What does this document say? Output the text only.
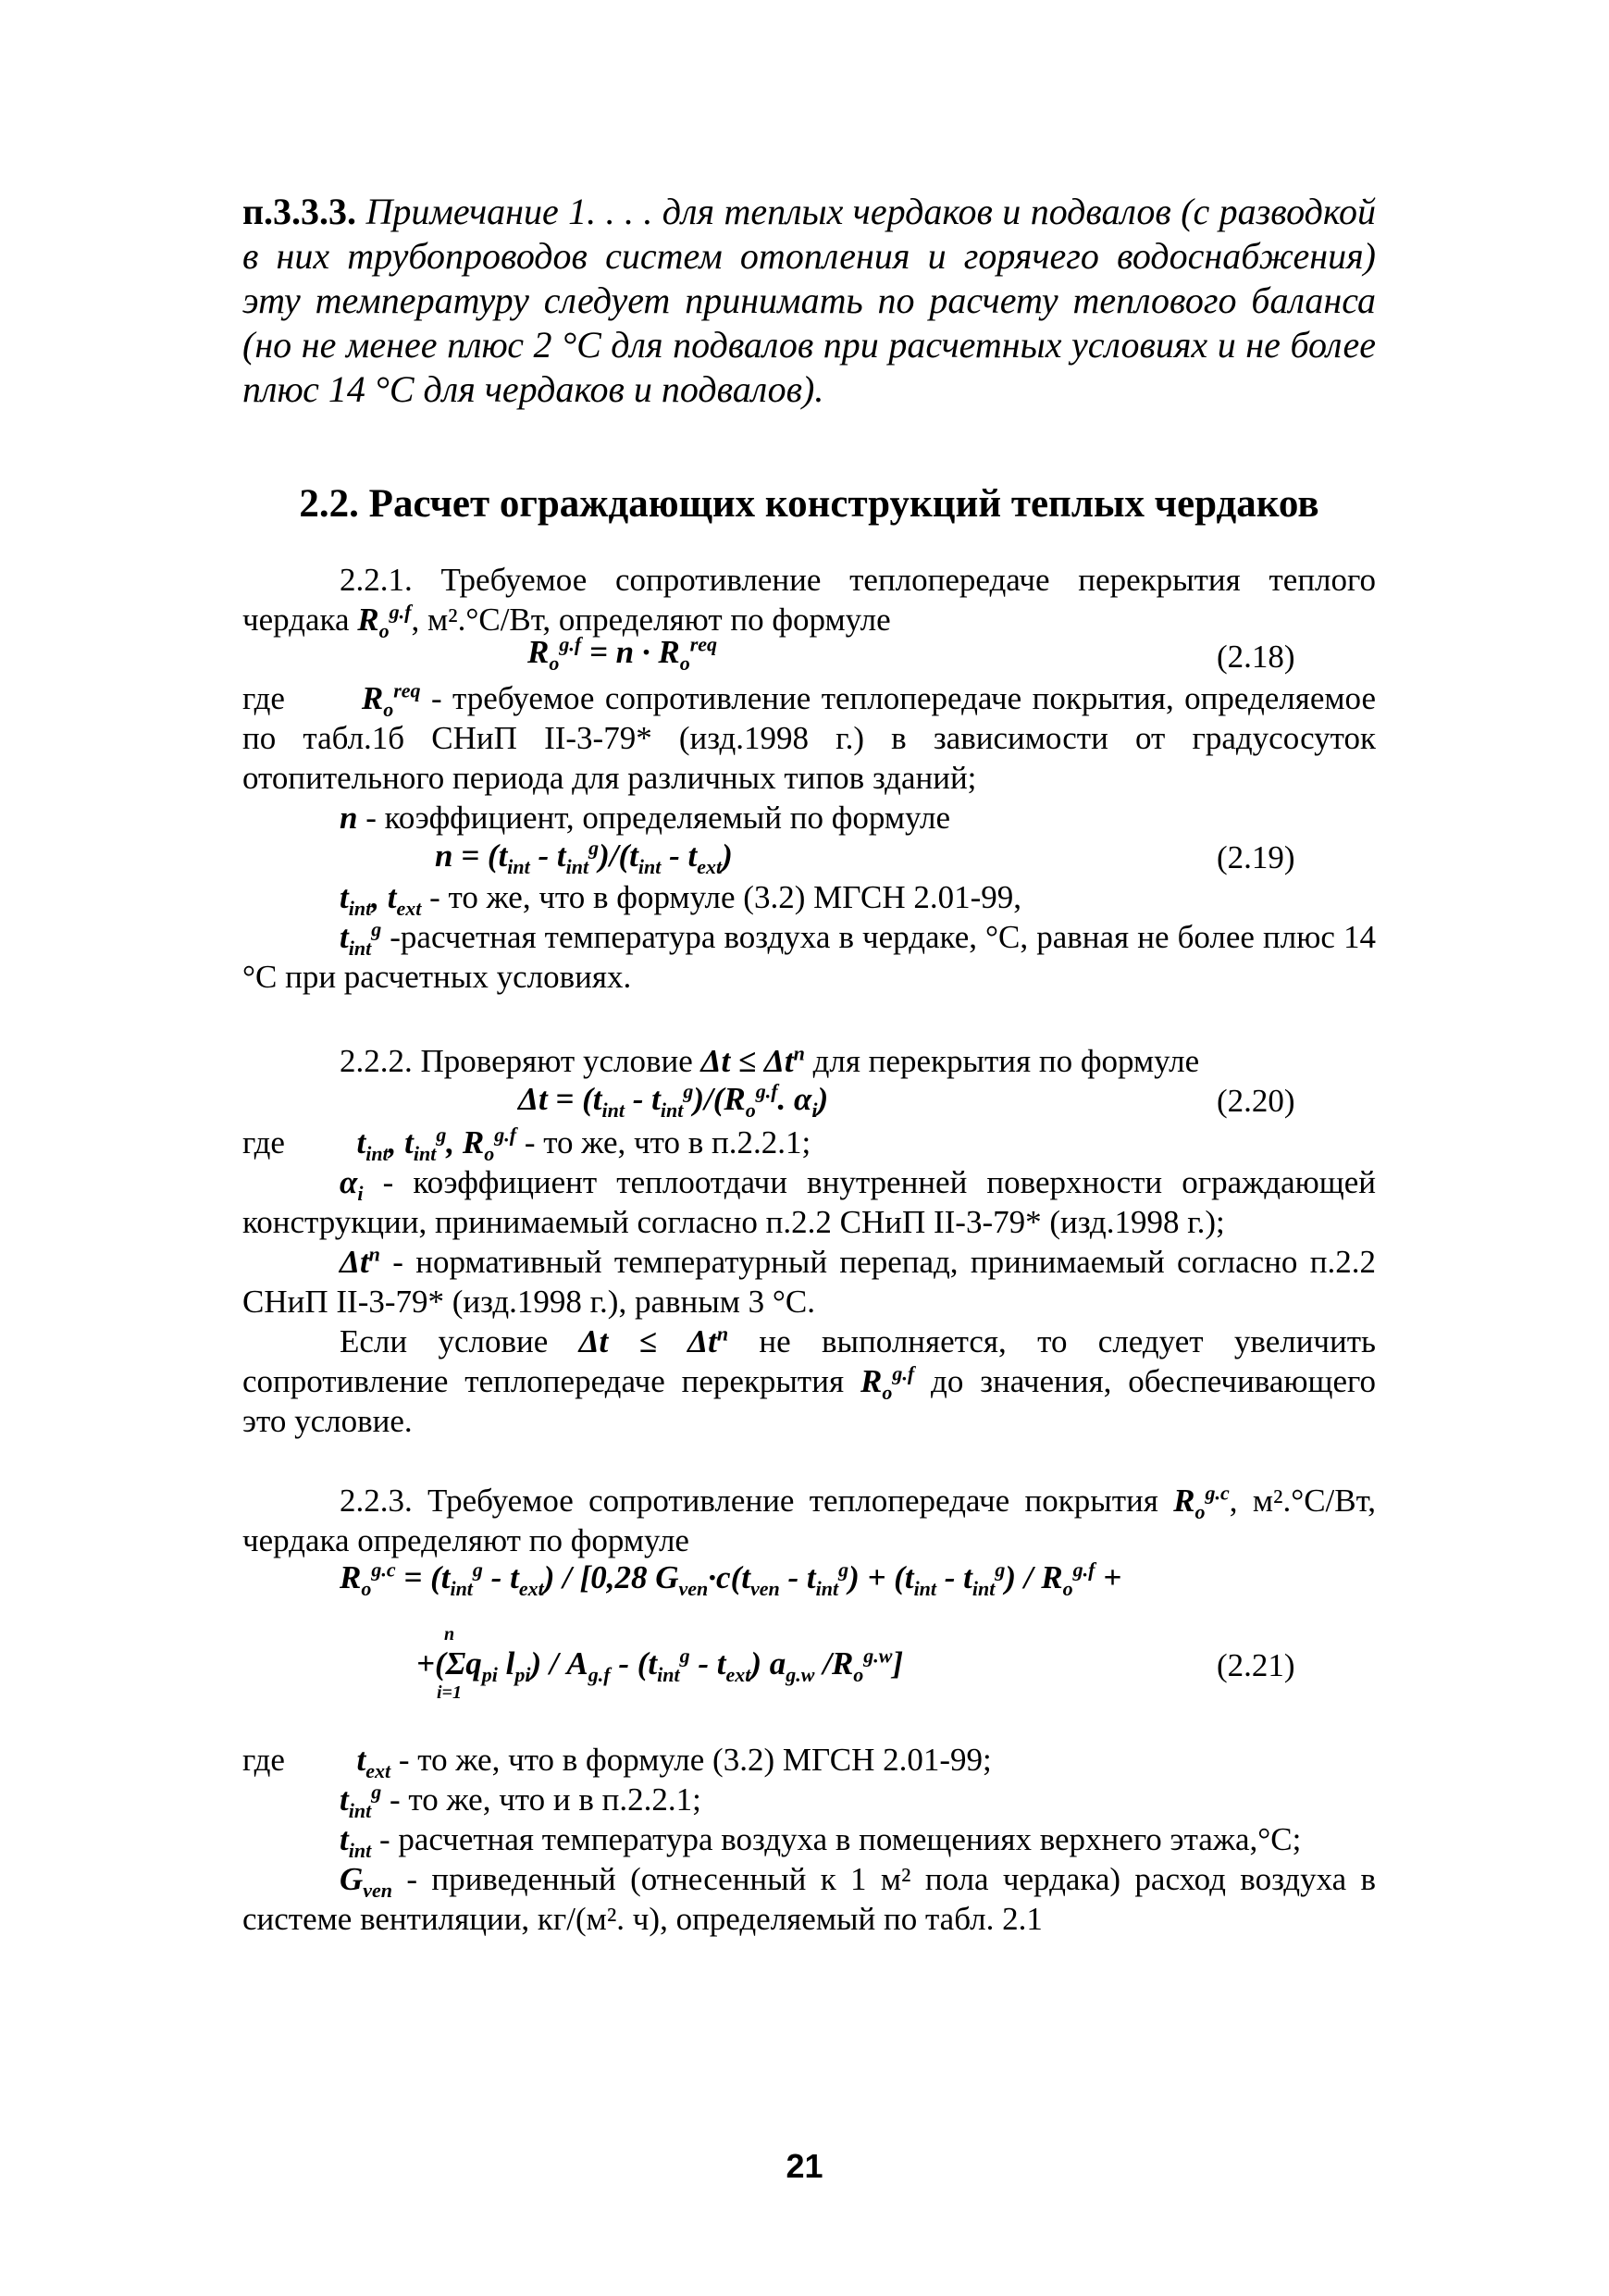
п.3.3.3. Примечание 1. . . . для теплых чердаков и подвалов (с разводкой в них трубопроводов систем отопления и горячего водоснабжения) эту температуру следует принимать по расчету теплового баланса (но не менее плюс 2 °С для подвалов при расчетных условиях и не более плюс 14 °С для чердаков и подвалов).
2.2. Расчет ограждающих конструкций теплых чердаков
2.2.1. Требуемое сопротивление теплопередаче перекрытия теплого чердака $R_o^{g.f}$, м².°С/Вт, определяют по формуле
$R_o^{g.f} = n \cdot R_o^{req}$	(2.18)
где $R_o^{req}$ - требуемое сопротивление теплопередаче покрытия, определяемое по табл.1б СНиП II-3-79* (изд.1998 г.) в зависимости от градусосуток отопительного периода для различных типов зданий;
n - коэффициент, определяемый по формуле
$n = (t_{int} - t_{int}^g)/(t_{int} - t_{ext})$	(2.19)
$t_{int}$, $t_{ext}$ - то же, что в формуле (3.2) МГСН 2.01-99,
$t_{int}^g$ -расчетная температура воздуха в чердаке, °С, равная не более плюс 14 °С при расчетных условиях.
2.2.2. Проверяют условие $\Delta t \le \Delta t^n$ для перекрытия по формуле
$\Delta t = (t_{int} - t_{int}^g)/(R_o^{g.f}$. $\alpha_i$)	(2.20)
где $t_{int}$, $t_{int}^g$, $R_o^{g.f}$ - то же, что в п.2.2.1;
$\alpha_i$ - коэффициент теплоотдачи внутренней поверхности ограждающей конструкции, принимаемый согласно п.2.2 СНиП II-3-79* (изд.1998 г.);
$\Delta t^n$ - нормативный температурный перепад, принимаемый согласно п.2.2 СНиП II-3-79* (изд.1998 г.), равным 3 °С.
Если условие $\Delta t \le \Delta t^n$ не выполняется, то следует увеличить сопротивление теплопередаче перекрытия $R_o^{g.f}$ до значения, обеспечивающего это условие.
2.2.3. Требуемое сопротивление теплопередаче покрытия $R_o^{g.c}$, м².°С/Вт, чердака определяют по формуле
$R_o^{g.c} = (t_{int}^g - t_{ext}) / [0,28$ $G_{ven}\cdot c(t_{ven} - t_{int}^g) + (t_{int} - t_{int}^g) / R_o^{g.f}$ +
n
$+(\Sigma q_{pi}$ $l_{pi}) / A_{g.f} - (t_{int}^g - t_{ext})$ $a_{g.w}$ $/R_o^{g.w}$]
i=1
(2.21)
где $t_{ext}$ - то же, что в формуле (3.2) МГСН 2.01-99;
$t_{int}^g$ - то же, что и в п.2.2.1;
$t_{int}$ - расчетная температура воздуха в помещениях верхнего этажа,°С;
$G_{ven}$ - приведенный (отнесенный к 1 м² пола чердака) расход воздуха в системе вентиляции, кг/(м². ч), определяемый по табл. 2.1
21
